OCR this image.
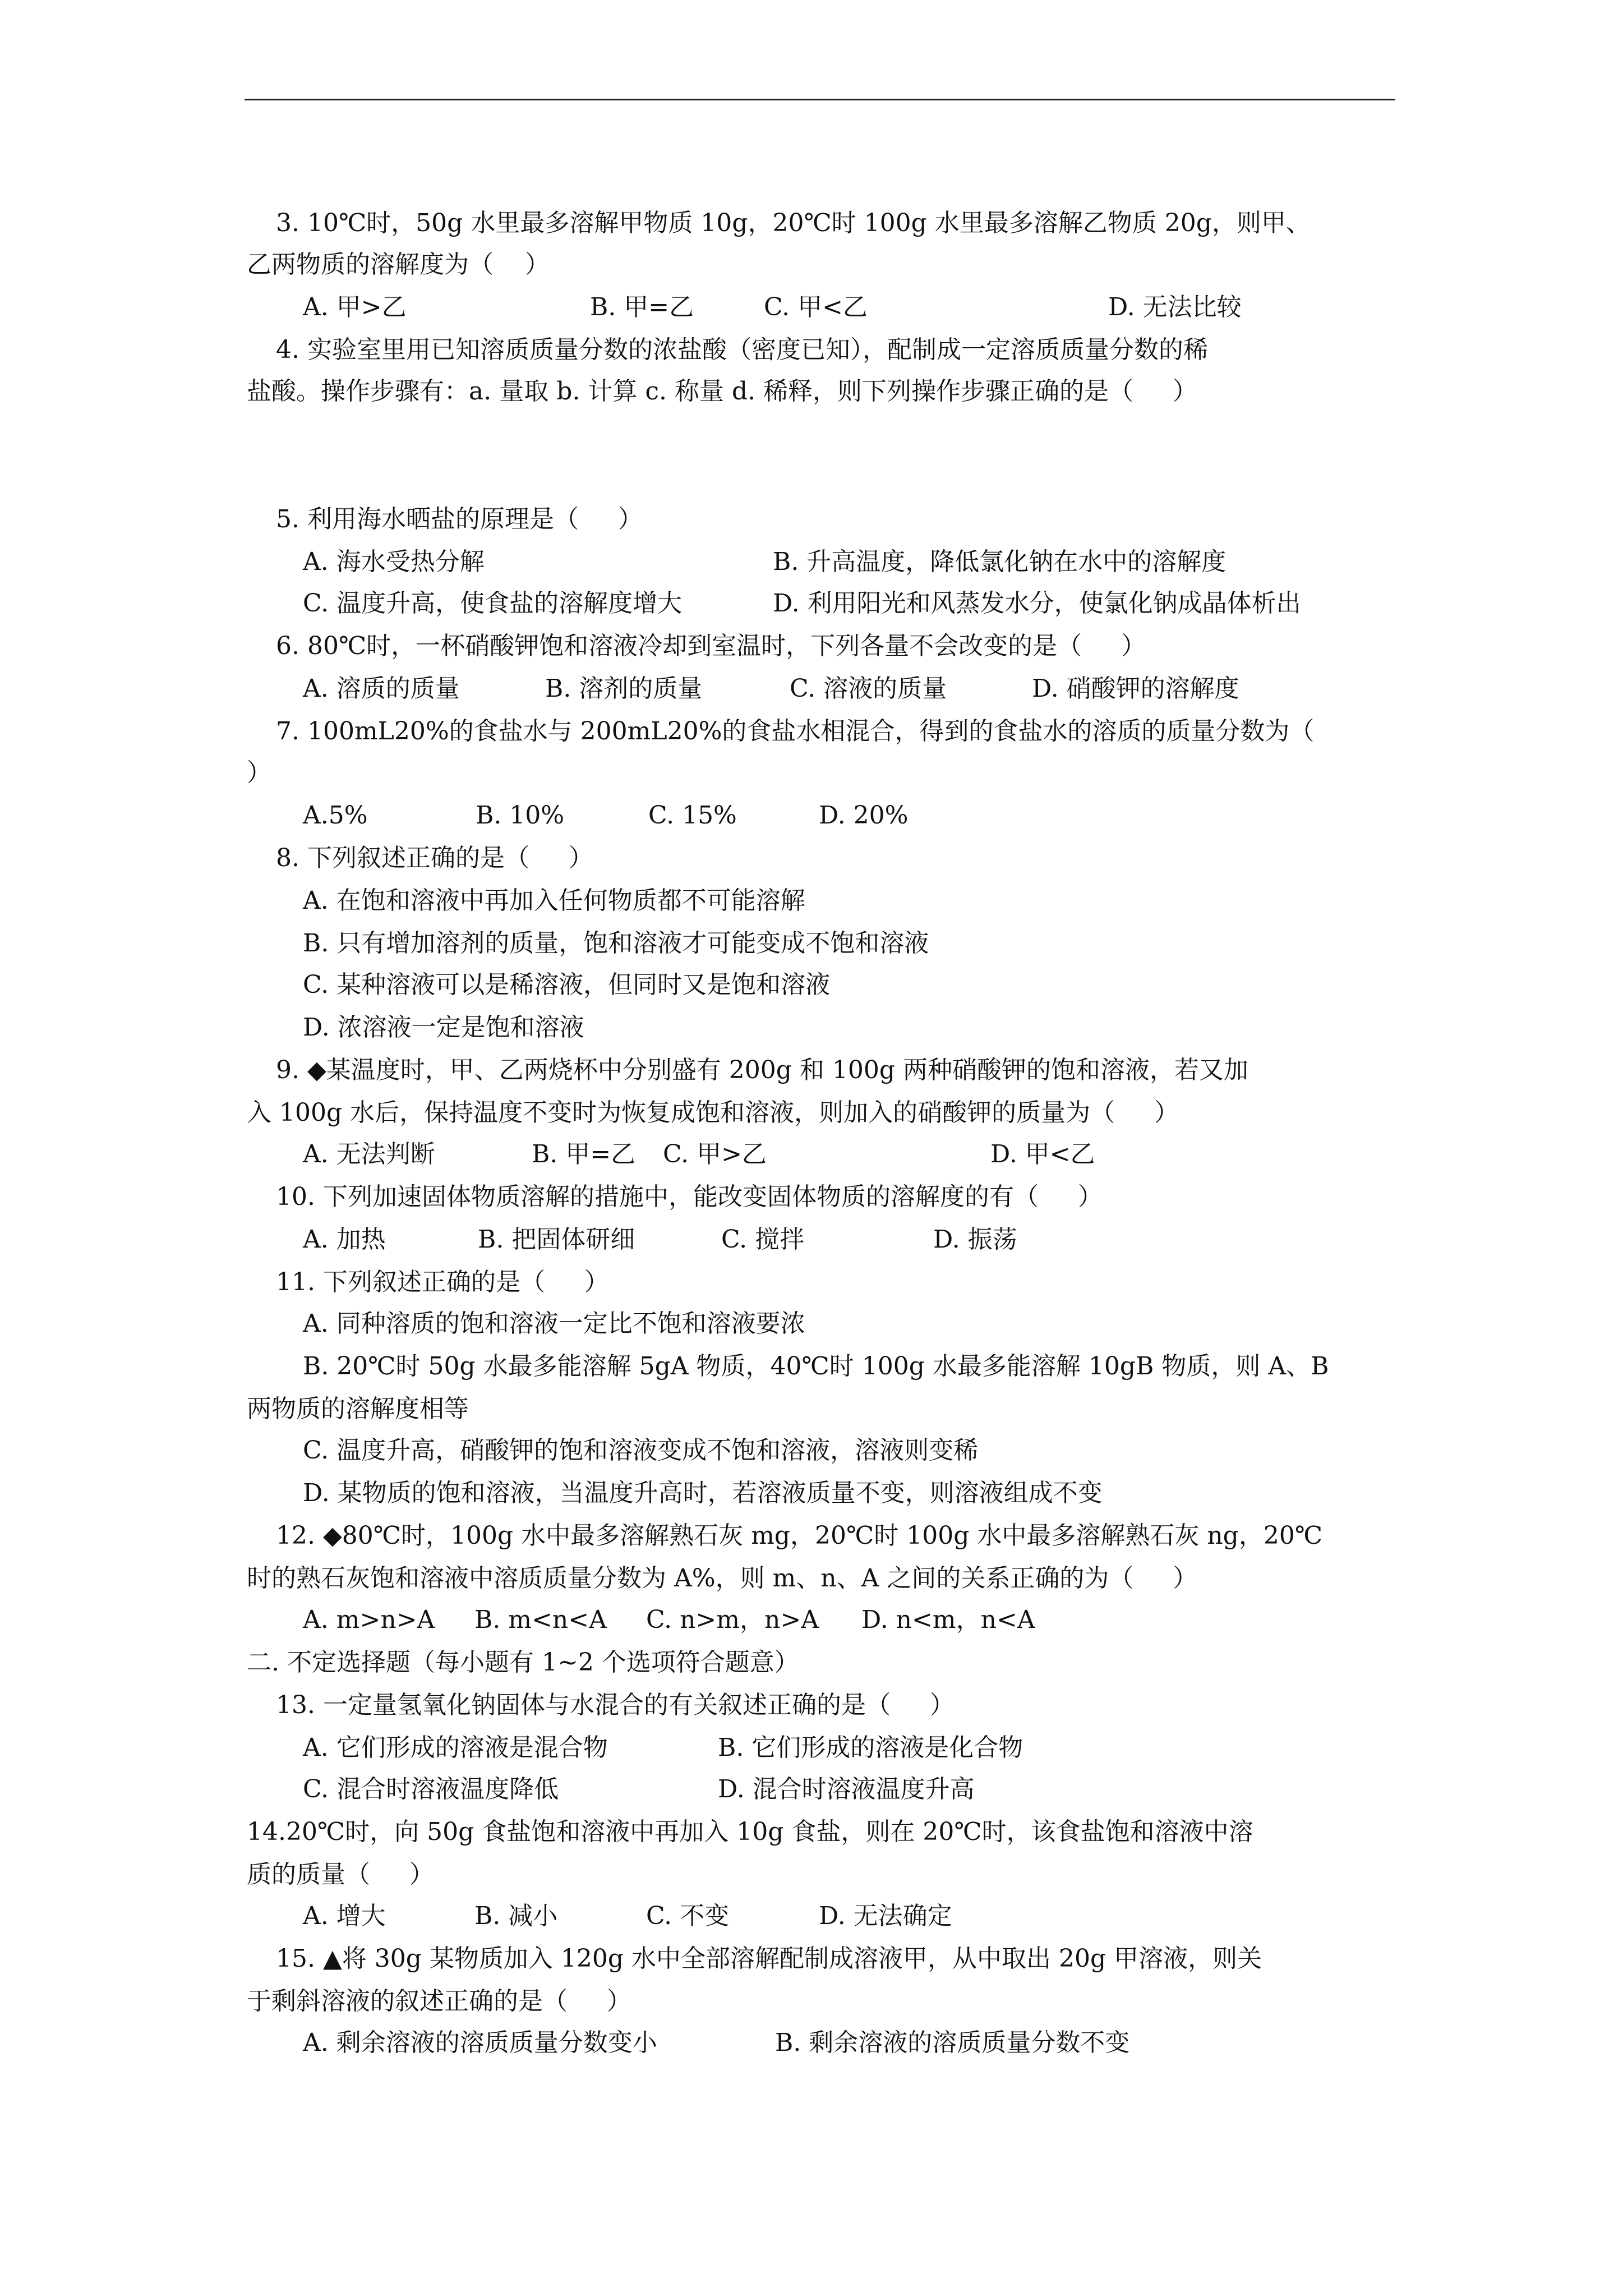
3. 10℃时，50g 水里最多溶解甲物质 10g，20℃时 100g 水里最多溶解乙物质 20g，则甲、
乙两物质的溶解度为（    ）
A. 甲>乙	B. 甲=乙	C. 甲<乙	D. 无法比较
4. 实验室里用已知溶质质量分数的浓盐酸（密度已知），配制成一定溶质质量分数的稀
盐酸。操作步骤有：a. 量取 b. 计算 c. 称量 d. 稀释，则下列操作步骤正确的是（     ）
5. 利用海水晒盐的原理是（     ）
A. 海水受热分解	B. 升高温度，降低氯化钠在水中的溶解度
C. 温度升高，使食盐的溶解度增大	D. 利用阳光和风蒸发水分，使氯化钠成晶体析出
6. 80℃时，一杯硝酸钾饱和溶液冷却到室温时，下列各量不会改变的是（     ）
A. 溶质的质量	B. 溶剂的质量	C. 溶液的质量	D. 硝酸钾的溶解度
7. 100mL20%的食盐水与 200mL20%的食盐水相混合，得到的食盐水的溶质的质量分数为（
）
A.5%	B. 10%	C. 15%	D. 20%
8. 下列叙述正确的是（     ）
A. 在饱和溶液中再加入任何物质都不可能溶解
B. 只有增加溶剂的质量，饱和溶液才可能变成不饱和溶液
C. 某种溶液可以是稀溶液，但同时又是饱和溶液
D. 浓溶液一定是饱和溶液
9. ◆某温度时，甲、乙两烧杯中分别盛有 200g 和 100g 两种硝酸钾的饱和溶液，若又加
入 100g 水后，保持温度不变时为恢复成饱和溶液，则加入的硝酸钾的质量为（     ）
A. 无法判断	B. 甲=乙 C. 甲>乙	D. 甲<乙
10. 下列加速固体物质溶解的措施中，能改变固体物质的溶解度的有（     ）
A. 加热	B. 把固体研细	C. 搅拌	D. 振荡
11. 下列叙述正确的是（     ）
A. 同种溶质的饱和溶液一定比不饱和溶液要浓
B. 20℃时 50g 水最多能溶解 5gA 物质，40℃时 100g 水最多能溶解 10gB 物质，则 A、B
两物质的溶解度相等
C. 温度升高，硝酸钾的饱和溶液变成不饱和溶液，溶液则变稀
D. 某物质的饱和溶液，当温度升高时，若溶液质量不变，则溶液组成不变
12. ◆80℃时，100g 水中最多溶解熟石灰 mg，20℃时 100g 水中最多溶解熟石灰 ng，20℃
时的熟石灰饱和溶液中溶质质量分数为 A%，则 m、n、A 之间的关系正确的为（     ）
A. m>n>A B. m<n<A C. n>m，n>A D. n<m，n<A
二. 不定选择题（每小题有 1~2 个选项符合题意）
13. 一定量氢氧化钠固体与水混合的有关叙述正确的是（     ）
A. 它们形成的溶液是混合物	B. 它们形成的溶液是化合物
C. 混合时溶液温度降低	D. 混合时溶液温度升高
14.20℃时，向 50g 食盐饱和溶液中再加入 10g 食盐，则在 20℃时，该食盐饱和溶液中溶
质的质量（     ）
A. 增大	B. 减小	C. 不变	D. 无法确定
15. ▲将 30g 某物质加入 120g 水中全部溶解配制成溶液甲，从中取出 20g 甲溶液，则关
于剩斜溶液的叙述正确的是（     ）
A. 剩余溶液的溶质质量分数变小	B. 剩余溶液的溶质质量分数不变
